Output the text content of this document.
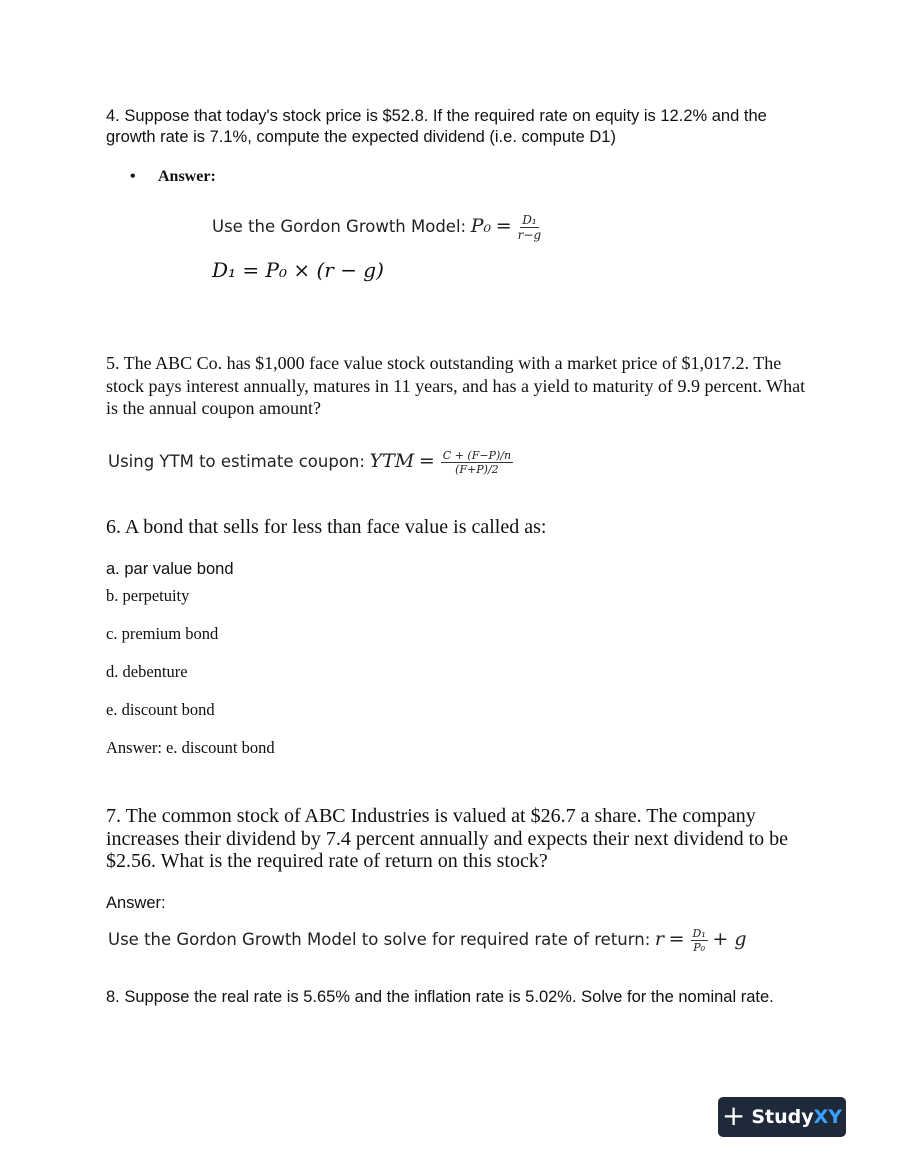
4. Suppose that today's stock price is $52.8. If the required rate on equity is 12.2% and the growth rate is 7.1%, compute the expected dividend (i.e. compute D1)
• Answer:
Use the Gordon Growth Model: $P_0 = \frac{\text{D₁}}{r-g}$
D₁ = P₀ × (r − g)
5. The ABC Co. has $1,000 face value stock outstanding with a market price of $1,017.2. The stock pays interest annually, matures in 11 years, and has a yield to maturity of 9.9 percent. What is the annual coupon amount?
Using YTM to estimate coupon: YTM = $\frac{C + (F-P)/n}{(F+P)/2}$
6. A bond that sells for less than face value is called as:
a. par value bond
b. perpetuity
c. premium bond
d. debenture
e. discount bond
Answer: e. discount bond
7. The common stock of ABC Industries is valued at $26.7 a share. The company increases their dividend by 7.4 percent annually and expects their next dividend to be $2.56. What is the required rate of return on this stock?
Answer:
Use the Gordon Growth Model to solve for required rate of return: $r = \frac{\text{D₁}}{\text{P₀}} + g$
8. Suppose the real rate is 5.65% and the inflation rate is 5.02%. Solve for the nominal rate.
+ StudyXY
